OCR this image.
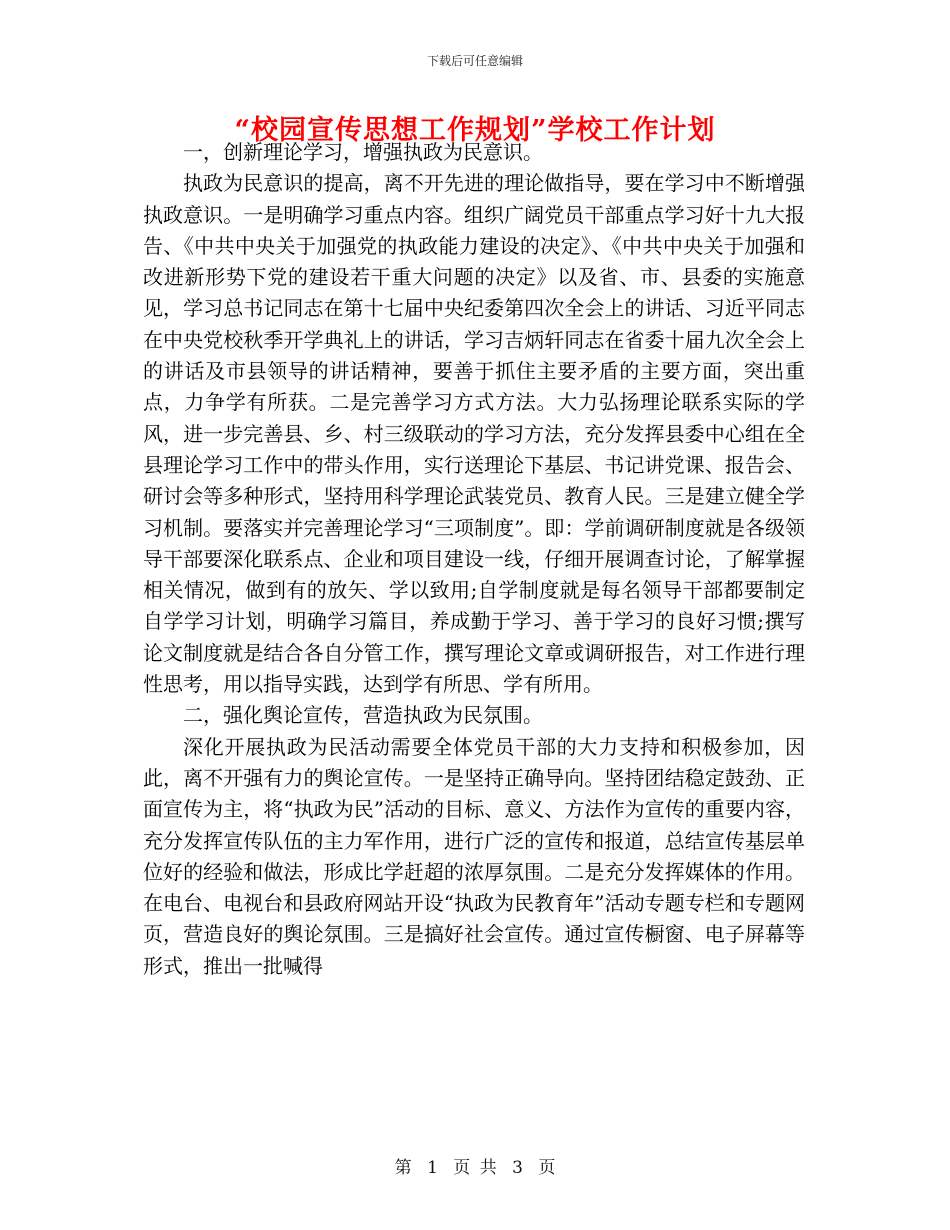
下载后可任意编辑
“校园宣传思想工作规划”学校工作计划

一，创新理论学习，增强执政为民意识。

执政为民意识的提高，离不开先进的理论做指导，要在学习中不断增强执政意识。一是明确学习重点内容。组织广阔党员干部重点学习好十九大报告、《中共中央关于加强党的执政能力建设的决定》、《中共中央关于加强和改进新形势下党的建设若干重大问题的决定》以及省、市、县委的实施意见，学习总书记同志在第十七届中央纪委第四次全会上的讲话、习近平同志在中央党校秋季开学典礼上的讲话，学习吉炳轩同志在省委十届九次全会上的讲话及市县领导的讲话精神，要善于抓住主要矛盾的主要方面，突出重点，力争学有所获。二是完善学习方式方法。大力弘扬理论联系实际的学风，进一步完善县、乡、村三级联动的学习方法，充分发挥县委中心组在全县理论学习工作中的带头作用，实行送理论下基层、书记讲党课、报告会、研讨会等多种形式，坚持用科学理论武装党员、教育人民。三是建立健全学习机制。要落实并完善理论学习“三项制度”。即：学前调研制度就是各级领导干部要深化联系点、企业和项目建设一线，仔细开展调查讨论，了解掌握相关情况，做到有的放矢、学以致用;自学制度就是每名领导干部都要制定自学学习计划，明确学习篇目，养成勤于学习、善于学习的良好习惯;撰写论文制度就是结合各自分管工作，撰写理论文章或调研报告，对工作进行理性思考，用以指导实践，达到学有所思、学有所用。

二，强化舆论宣传，营造执政为民氛围。

深化开展执政为民活动需要全体党员干部的大力支持和积极参加，因此，离不开强有力的舆论宣传。一是坚持正确导向。坚持团结稳定鼓劲、正面宣传为主，将“执政为民”活动的目标、意义、方法作为宣传的重要内容，充分发挥宣传队伍的主力军作用，进行广泛的宣传和报道，总结宣传基层单位好的经验和做法，形成比学赶超的浓厚氛围。二是充分发挥媒体的作用。在电台、电视台和县政府网站开设“执政为民教育年”活动专题专栏和专题网页，营造良好的舆论氛围。三是搞好社会宣传。通过宣传橱窗、电子屏幕等形式，推出一批喊得

第 1 页 共 3 页
